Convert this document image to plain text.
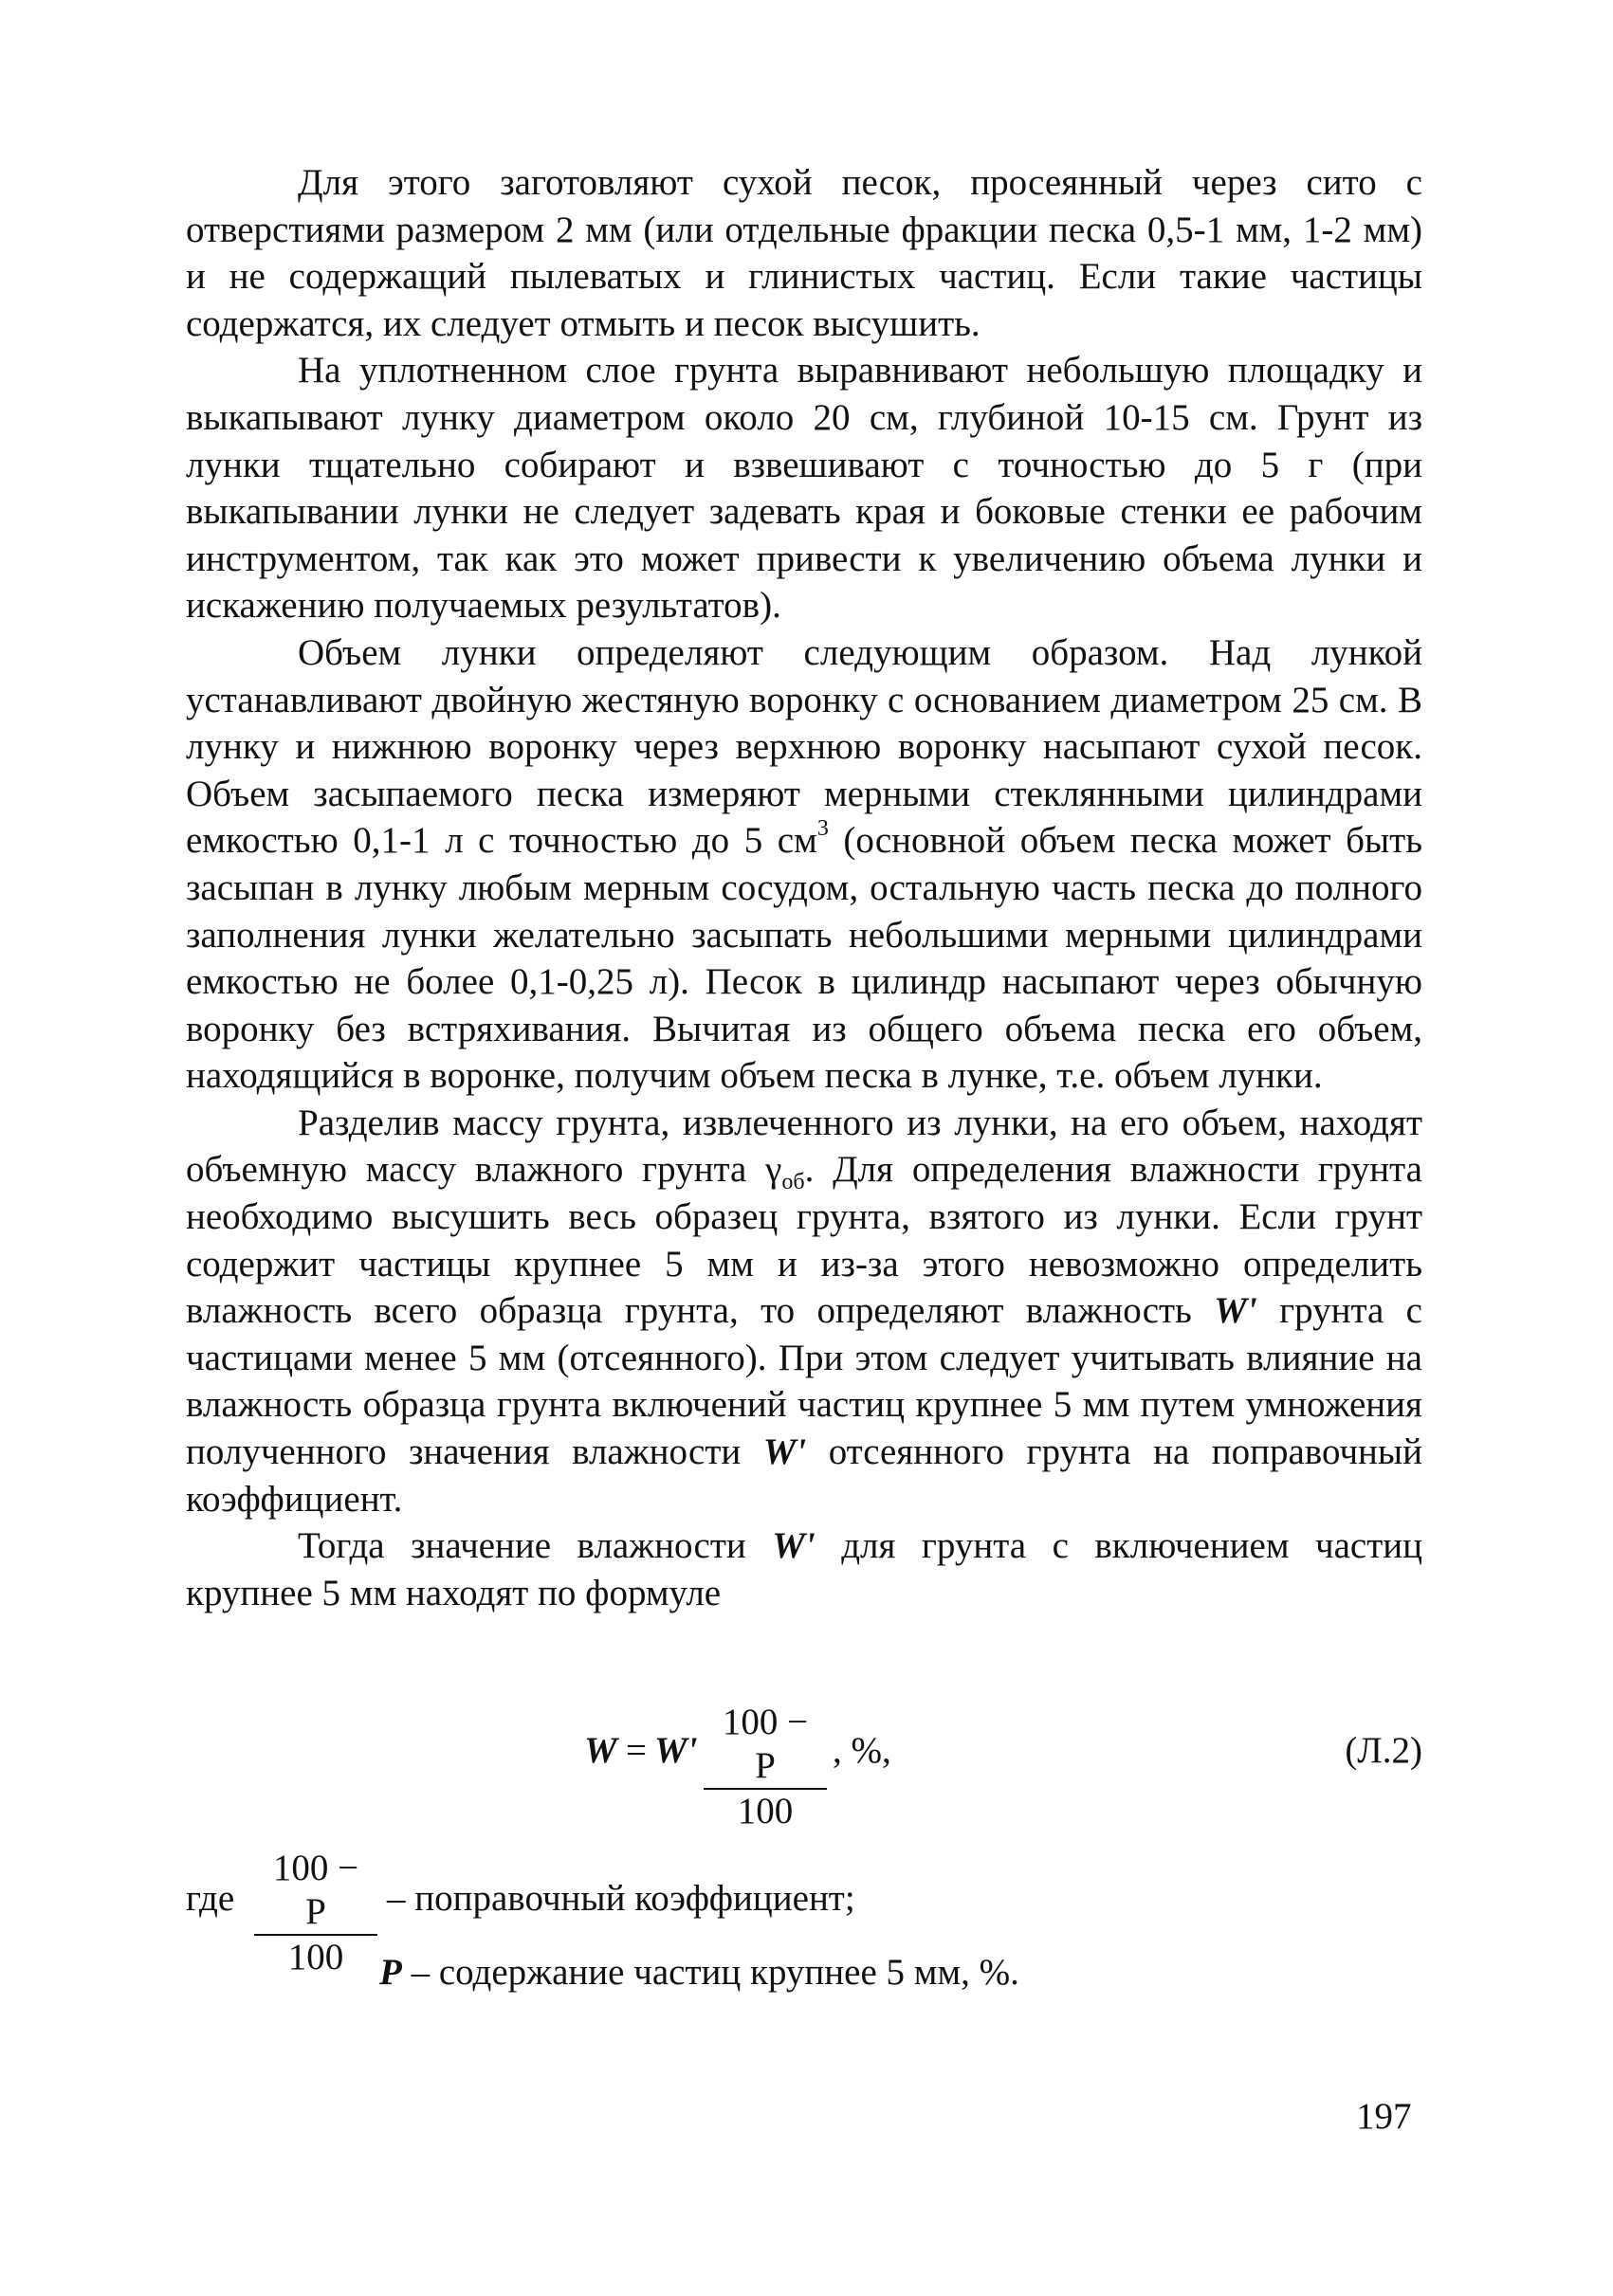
Для этого заготовляют сухой песок, просеянный через сито с отверстиями размером 2 мм (или отдельные фракции песка 0,5-1 мм, 1-2 мм) и не содержащий пылеватых и глинистых частиц. Если такие частицы содержатся, их следует отмыть и песок высушить.

На уплотненном слое грунта выравнивают небольшую площадку и выкапывают лунку диаметром около 20 см, глубиной 10-15 см. Грунт из лунки тщательно собирают и взвешивают с точностью до 5 г (при выкапывании лунки не следует задевать края и боковые стенки ее рабочим инструментом, так как это может привести к увеличению объема лунки и искажению получаемых результатов).

Объем лунки определяют следующим образом. Над лункой устанавливают двойную жестяную воронку с основанием диаметром 25 см. В лунку и нижнюю воронку через верхнюю воронку насыпают сухой песок. Объем засыпаемого песка измеряют мерными стеклянными цилиндрами емкостью 0,1-1 л с точностью до 5 $см^3$ (основной объем песка может быть засыпан в лунку любым мерным сосудом, остальную часть песка до полного заполнения лунки желательно засыпать небольшими мерными цилиндрами емкостью не более 0,1-0,25 л). Песок в цилиндр насыпают через обычную воронку без встряхивания. Вычитая из общего объема песка его объем, находящийся в воронке, получим объем песка в лунке, т.е. объем лунки.

Разделив массу грунта, извлеченного из лунки, на его объем, находят объемную массу влажного грунта $\gamma_{об}$. Для определения влажности грунта необходимо высушить весь образец грунта, взятого из лунки. Если грунт содержит частицы крупнее 5 мм и из-за этого невозможно определить влажность всего образца грунта, то определяют влажность W' грунта с частицами менее 5 мм (отсеянного). При этом следует учитывать влияние на влажность образца грунта включений частиц крупнее 5 мм путем умножения полученного значения влажности W' отсеянного грунта на поправочный коэффициент.

Тогда значение влажности W' для грунта с включением частиц крупнее 5 мм находят по формуле

$W = W' \frac{100 - P}{100}$ , %,	(Л.2)
где $\frac{100 - P}{100}$ – поправочный коэффициент;
P – содержание частиц крупнее 5 мм, %.
197
